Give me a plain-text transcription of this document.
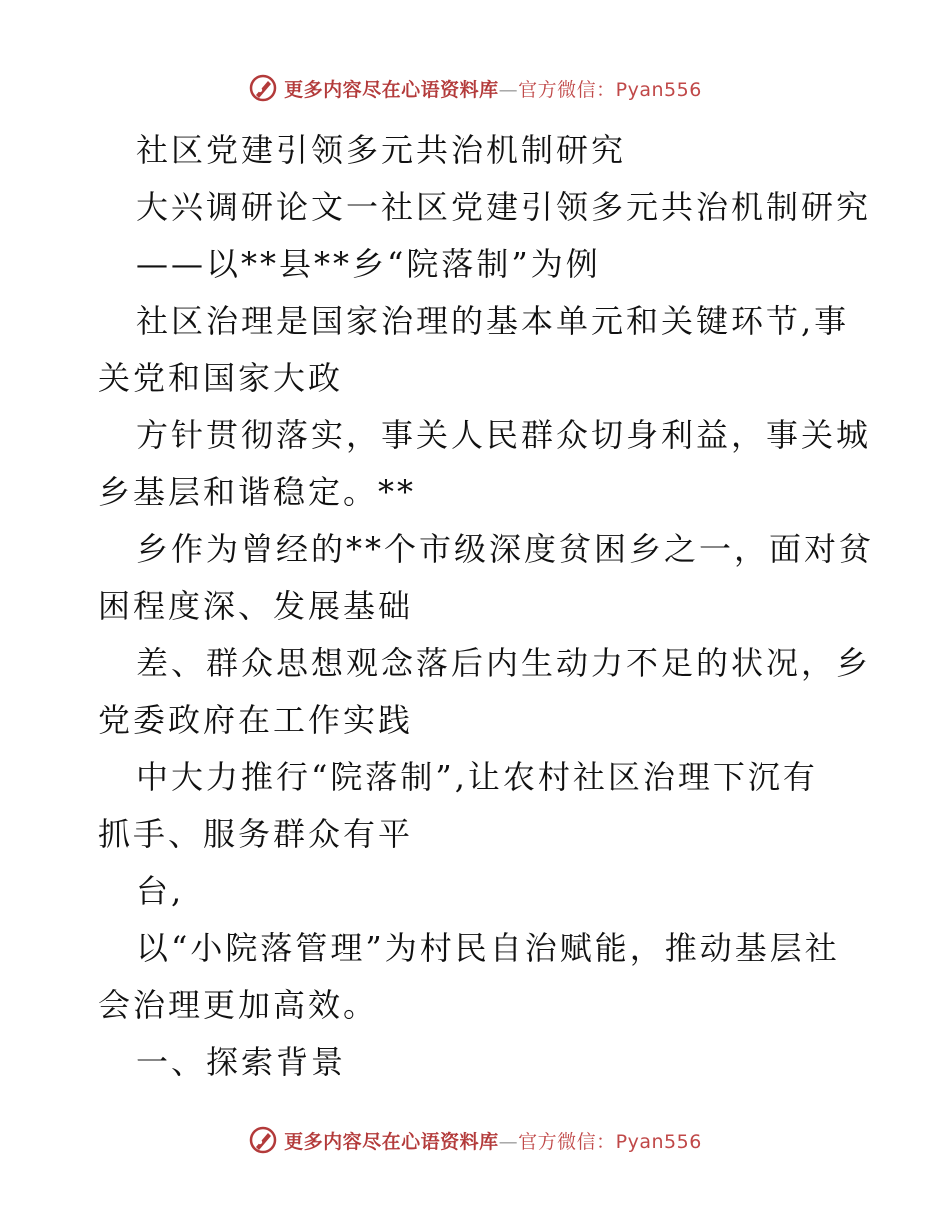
更多内容尽在心语资料库—官方微信：Pyan556
社区党建引领多元共治机制研究
大兴调研论文一社区党建引领多元共治机制研究
——以**县**乡“院落制”为例
社区治理是国家治理的基本单元和关键环节,事
关党和国家大政
方针贯彻落实，事关人民群众切身利益，事关城
乡基层和谐稳定。**
乡作为曾经的**个市级深度贫困乡之一，面对贫
困程度深、发展基础
差、群众思想观念落后内生动力不足的状况，乡
党委政府在工作实践
中大力推行“院落制”,让农村社区治理下沉有
抓手、服务群众有平
台,
以“小院落管理”为村民自治赋能，推动基层社
会治理更加高效。
一、探索背景
更多内容尽在心语资料库—官方微信：Pyan556
